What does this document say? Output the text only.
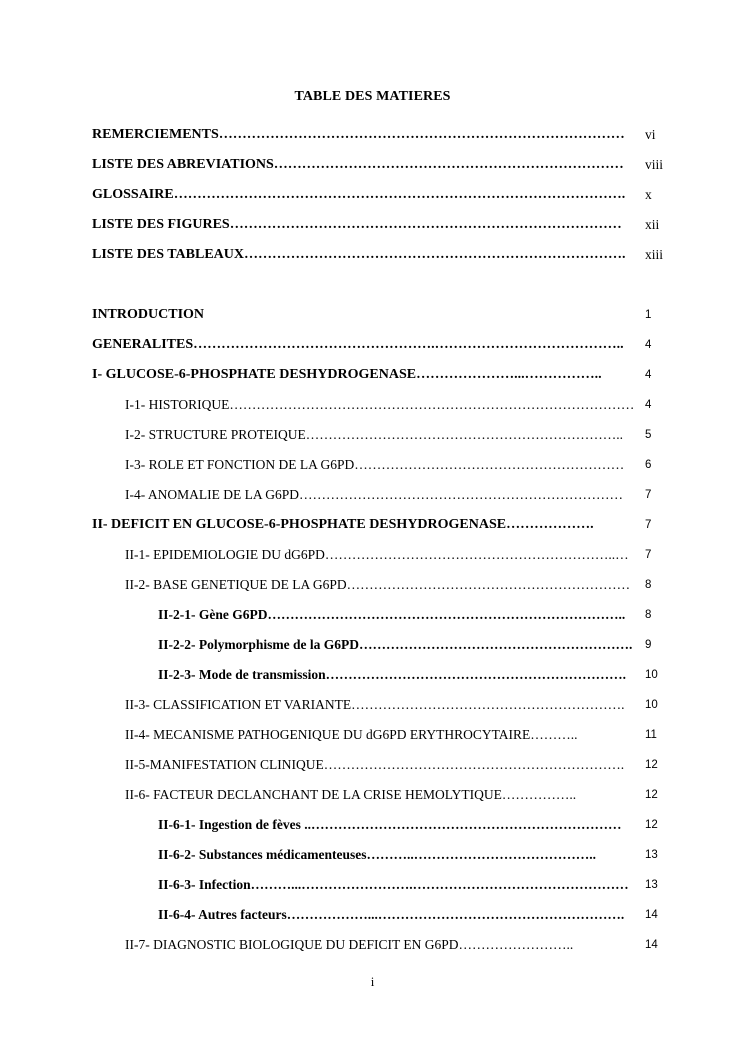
TABLE DES MATIERES
REMERCIEMENTS…………………………………………………………………………… vi
LISTE DES ABREVIATIONS………………………………………………………………… viii
GLOSSAIRE……………………………………………………………………………………. x
LISTE DES FIGURES………………………………………………………………………… xii
LISTE DES TABLEAUX………………………………………………………………………. xiii
INTRODUCTION	1
GENERALITES…………………………………………….………………………………….. 4
I- GLUCOSE-6-PHOSPHATE DESHYDROGENASE…………………...……………..	4
I-1- HISTORIQUE……………………………………………………………………………… 4
I-2- STRUCTURE PROTEIQUE…………………………………………………………….. 5
I-3- ROLE ET FONCTION DE LA G6PD…………………………………………………… 6
I-4- ANOMALIE DE LA G6PD……………………………………………………………… 7
II- DEFICIT EN GLUCOSE-6-PHOSPHATE DESHYDROGENASE……………….	7
II-1- EPIDEMIOLOGIE DU dG6PD………………………………………………………..… 7
II-2- BASE GENETIQUE DE LA G6PD……………………………………………………… 8
II-2-1- Gène G6PD…………………………………………………………………….. 8
II-2-2- Polymorphisme de la G6PD……………………………………………………. 9
II-2-3- Mode de transmission…………………………………………………………. 10
II-3- CLASSIFICATION ET VARIANTE……………………………………………………. 10
II-4- MECANISME PATHOGENIQUE DU dG6PD ERYTHROCYTAIRE………..	11
II-5-MANIFESTATION CLINIQUE…………………………………………………………. 12
II-6- FACTEUR DECLANCHANT DE LA CRISE HEMOLYTIQUE……………..	12
II-6-1- Ingestion de fèves ..…………………………………………………………… 12
II-6-2- Substances médicamenteuses………..…………………………………..	13
II-6-3- Infection………...…………………….………………………………………… 13
II-6-4- Autres facteurs………………...………………………………………………. 14
II-7- DIAGNOSTIC BIOLOGIQUE DU DEFICIT EN G6PD……………………..	14
i
